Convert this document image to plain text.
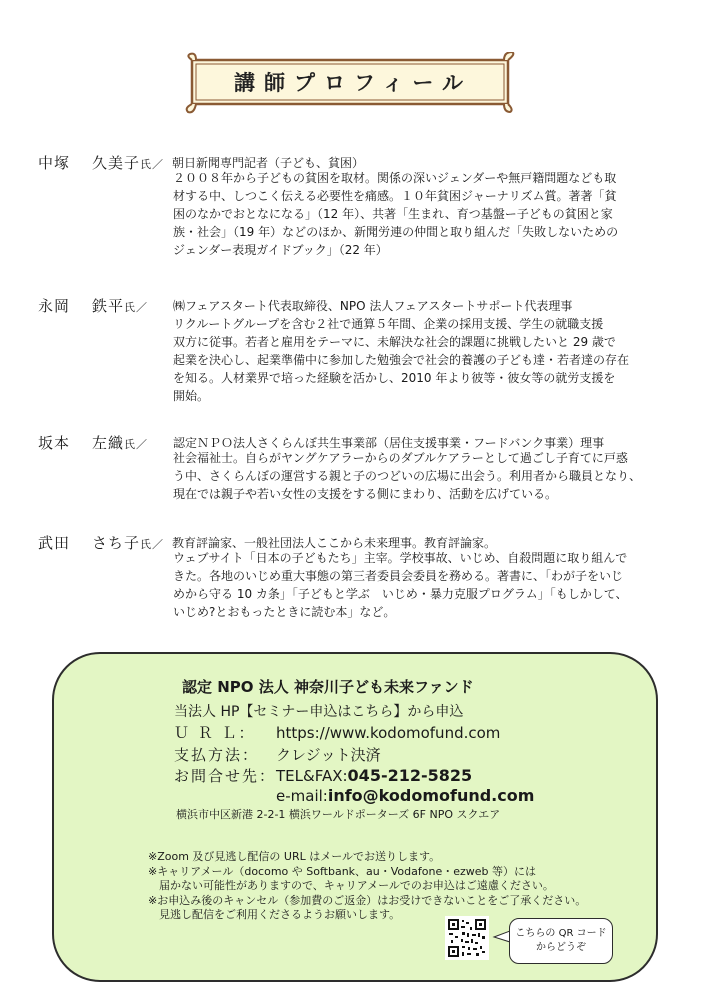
講師プロフィール
中塚 久美子氏／ 朝日新聞専門記者（子ども、貧困）
２００８年から子どもの貧困を取材。関係の深いジェンダーや無戸籍問題なども取
材する中、しつこく伝える必要性を痛感。１０年貧困ジャーナリズム賞。著著「貧
困のなかでおとなになる」（12 年）、共著「生まれ、育つ基盤ー子どもの貧困と家
族・社会」（19 年）などのほか、新聞労連の仲間と取り組んだ「失敗しないための
ジェンダー表現ガイドブック」（22 年）
永岡 鉄平氏／ ㈱フェアスタート代表取締役、NPO 法人フェアスタートサポート代表理事
リクルートグループを含む２社で通算５年間、企業の採用支援、学生の就職支援
双方に従事。若者と雇用をテーマに、未解決な社会的課題に挑戦したいと 29 歳で
起業を決心し、起業準備中に参加した勉強会で社会的養護の子ども達・若者達の存在
を知る。人材業界で培った経験を活かし、2010 年より彼等・彼女等の就労支援を
開始。
坂本 左織氏／ 認定ＮＰＯ法人さくらんぼ共生事業部（居住支援事業・フードバンク事業）理事
社会福祉士。自らがヤングケアラーからのダブルケアラーとして過ごし子育てに戸惑
う中、さくらんぼの運営する親と子のつどいの広場に出会う。利用者から職員となり、
現在では親子や若い女性の支援をする側にまわり、活動を広げている。
武田 さち子氏／ 教育評論家、一般社団法人ここから未来理事。教育評論家。
ウェブサイト「日本の子どもたち」主宰。学校事故、いじめ、自殺問題に取り組んで
きた。各地のいじめ重大事態の第三者委員会委員を務める。著書に、「わが子をいじ
めから守る 10 カ条」「子どもと学ぶ　いじめ・暴力克服プログラム」「もしかして、
いじめ?とおもったときに読む本」など。
認定 NPO 法人 神奈川子ども未来ファンド
当法人 HP【セミナー申込はこちら】から申込
Ｕ Ｒ Ｌ： https://www.kodomofund.com
支払方法： クレジット決済
お問合せ先：TEL&FAX:045-212-5825
e-mail:info@kodomofund.com
横浜市中区新港 2-2-1 横浜ワールドポーターズ 6F NPO スクエア

※Zoom 及び見逃し配信の URL はメールでお送りします。

※キャリアメール（docomo や Softbank、au・Vodafone・ezweb 等）には

　届かない可能性がありますので、キャリアメールでのお申込はご遠慮ください。

※お申込み後のキャンセル（参加費のご返金）はお受けできないことをご了承ください。

　見逃し配信をご利用くださるようお願いします。

こちらの QR コード
からどうぞ
